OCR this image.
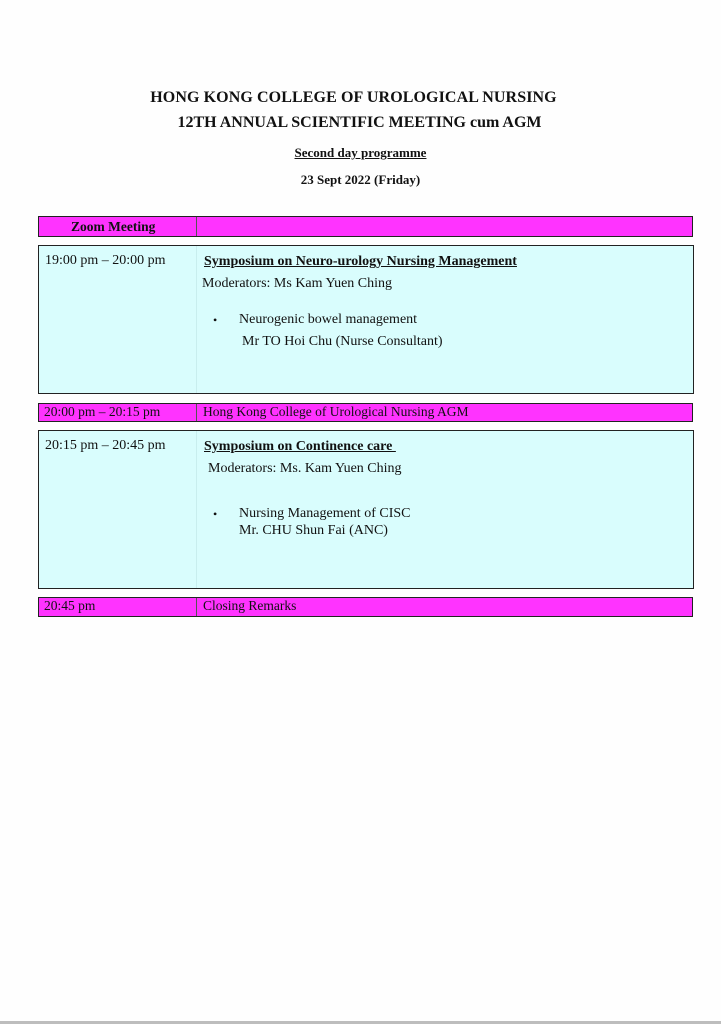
HONG KONG COLLEGE OF UROLOGICAL NURSING
12TH ANNUAL SCIENTIFIC MEETING cum AGM
Second day programme
23 Sept 2022 (Friday)
Zoom Meeting
19:00 pm – 20:00 pm	Symposium on Neuro-urology Nursing Management
Moderators: Ms Kam Yuen Ching
• Neurogenic bowel management
Mr TO Hoi Chu (Nurse Consultant)
20:00 pm – 20:15 pm	Hong Kong College of Urological Nursing AGM
20:15 pm – 20:45 pm	Symposium on Continence care
Moderators: Ms. Kam Yuen Ching
• Nursing Management of CISC
Mr. CHU Shun Fai (ANC)
20:45 pm	Closing Remarks
